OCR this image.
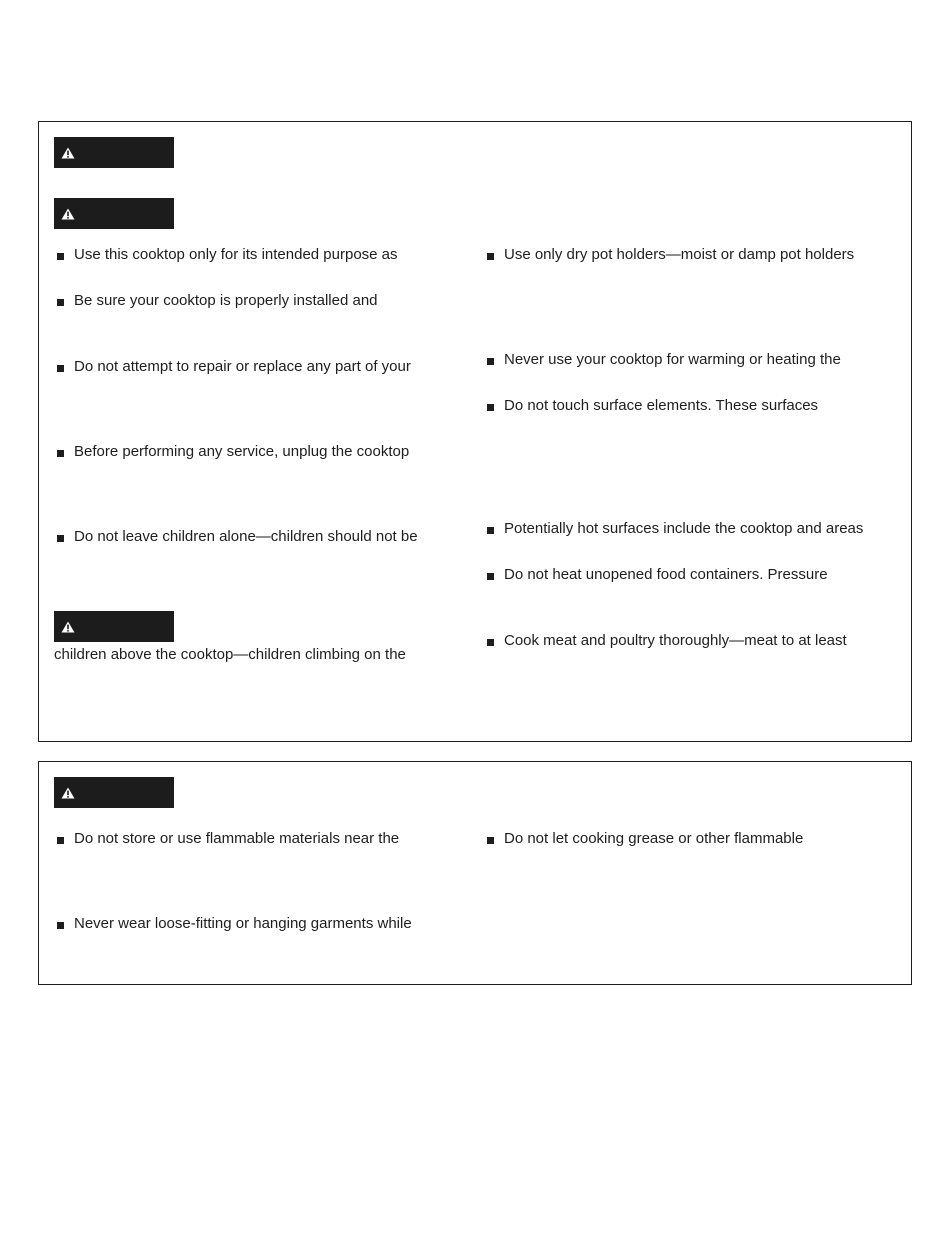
Use this cooktop only for its intended purpose as
Be sure your cooktop is properly installed and
Do not attempt to repair or replace any part of your
Before performing any service, unplug the cooktop
Do not leave children alone—children should not be
children above the cooktop—children climbing on the
Use only dry pot holders—moist or damp pot holders
Never use your cooktop for warming or heating the
Do not touch surface elements. These surfaces
Potentially hot surfaces include the cooktop and areas
Do not heat unopened food containers. Pressure
Cook meat and poultry thoroughly—meat to at least
Do not store or use flammable materials near the
Never wear loose-fitting or hanging garments while
Do not let cooking grease or other flammable
